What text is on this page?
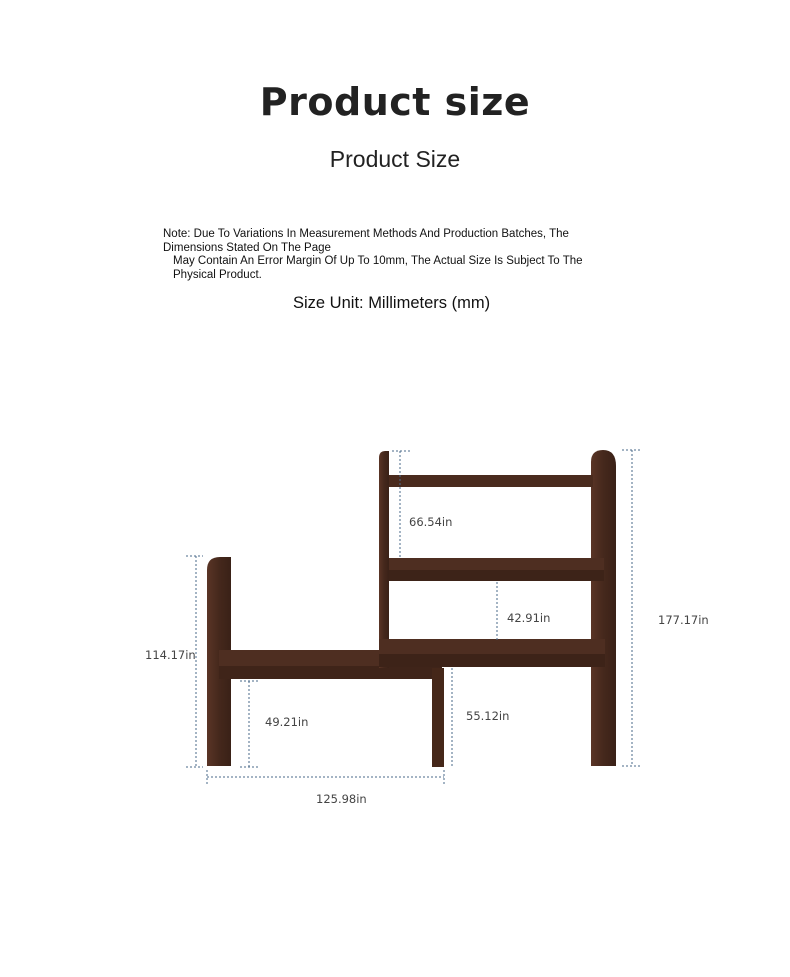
Product size
Product Size
Note: Due To Variations In Measurement Methods And Production Batches, The Dimensions Stated On The Page
May Contain An Error Margin Of Up To 10mm, The Actual Size Is Subject To The Physical Product.
Size Unit: Millimeters (mm)
66.54in
42.91in	177.17in
114.17in
49.21in	55.12in
125.98in
